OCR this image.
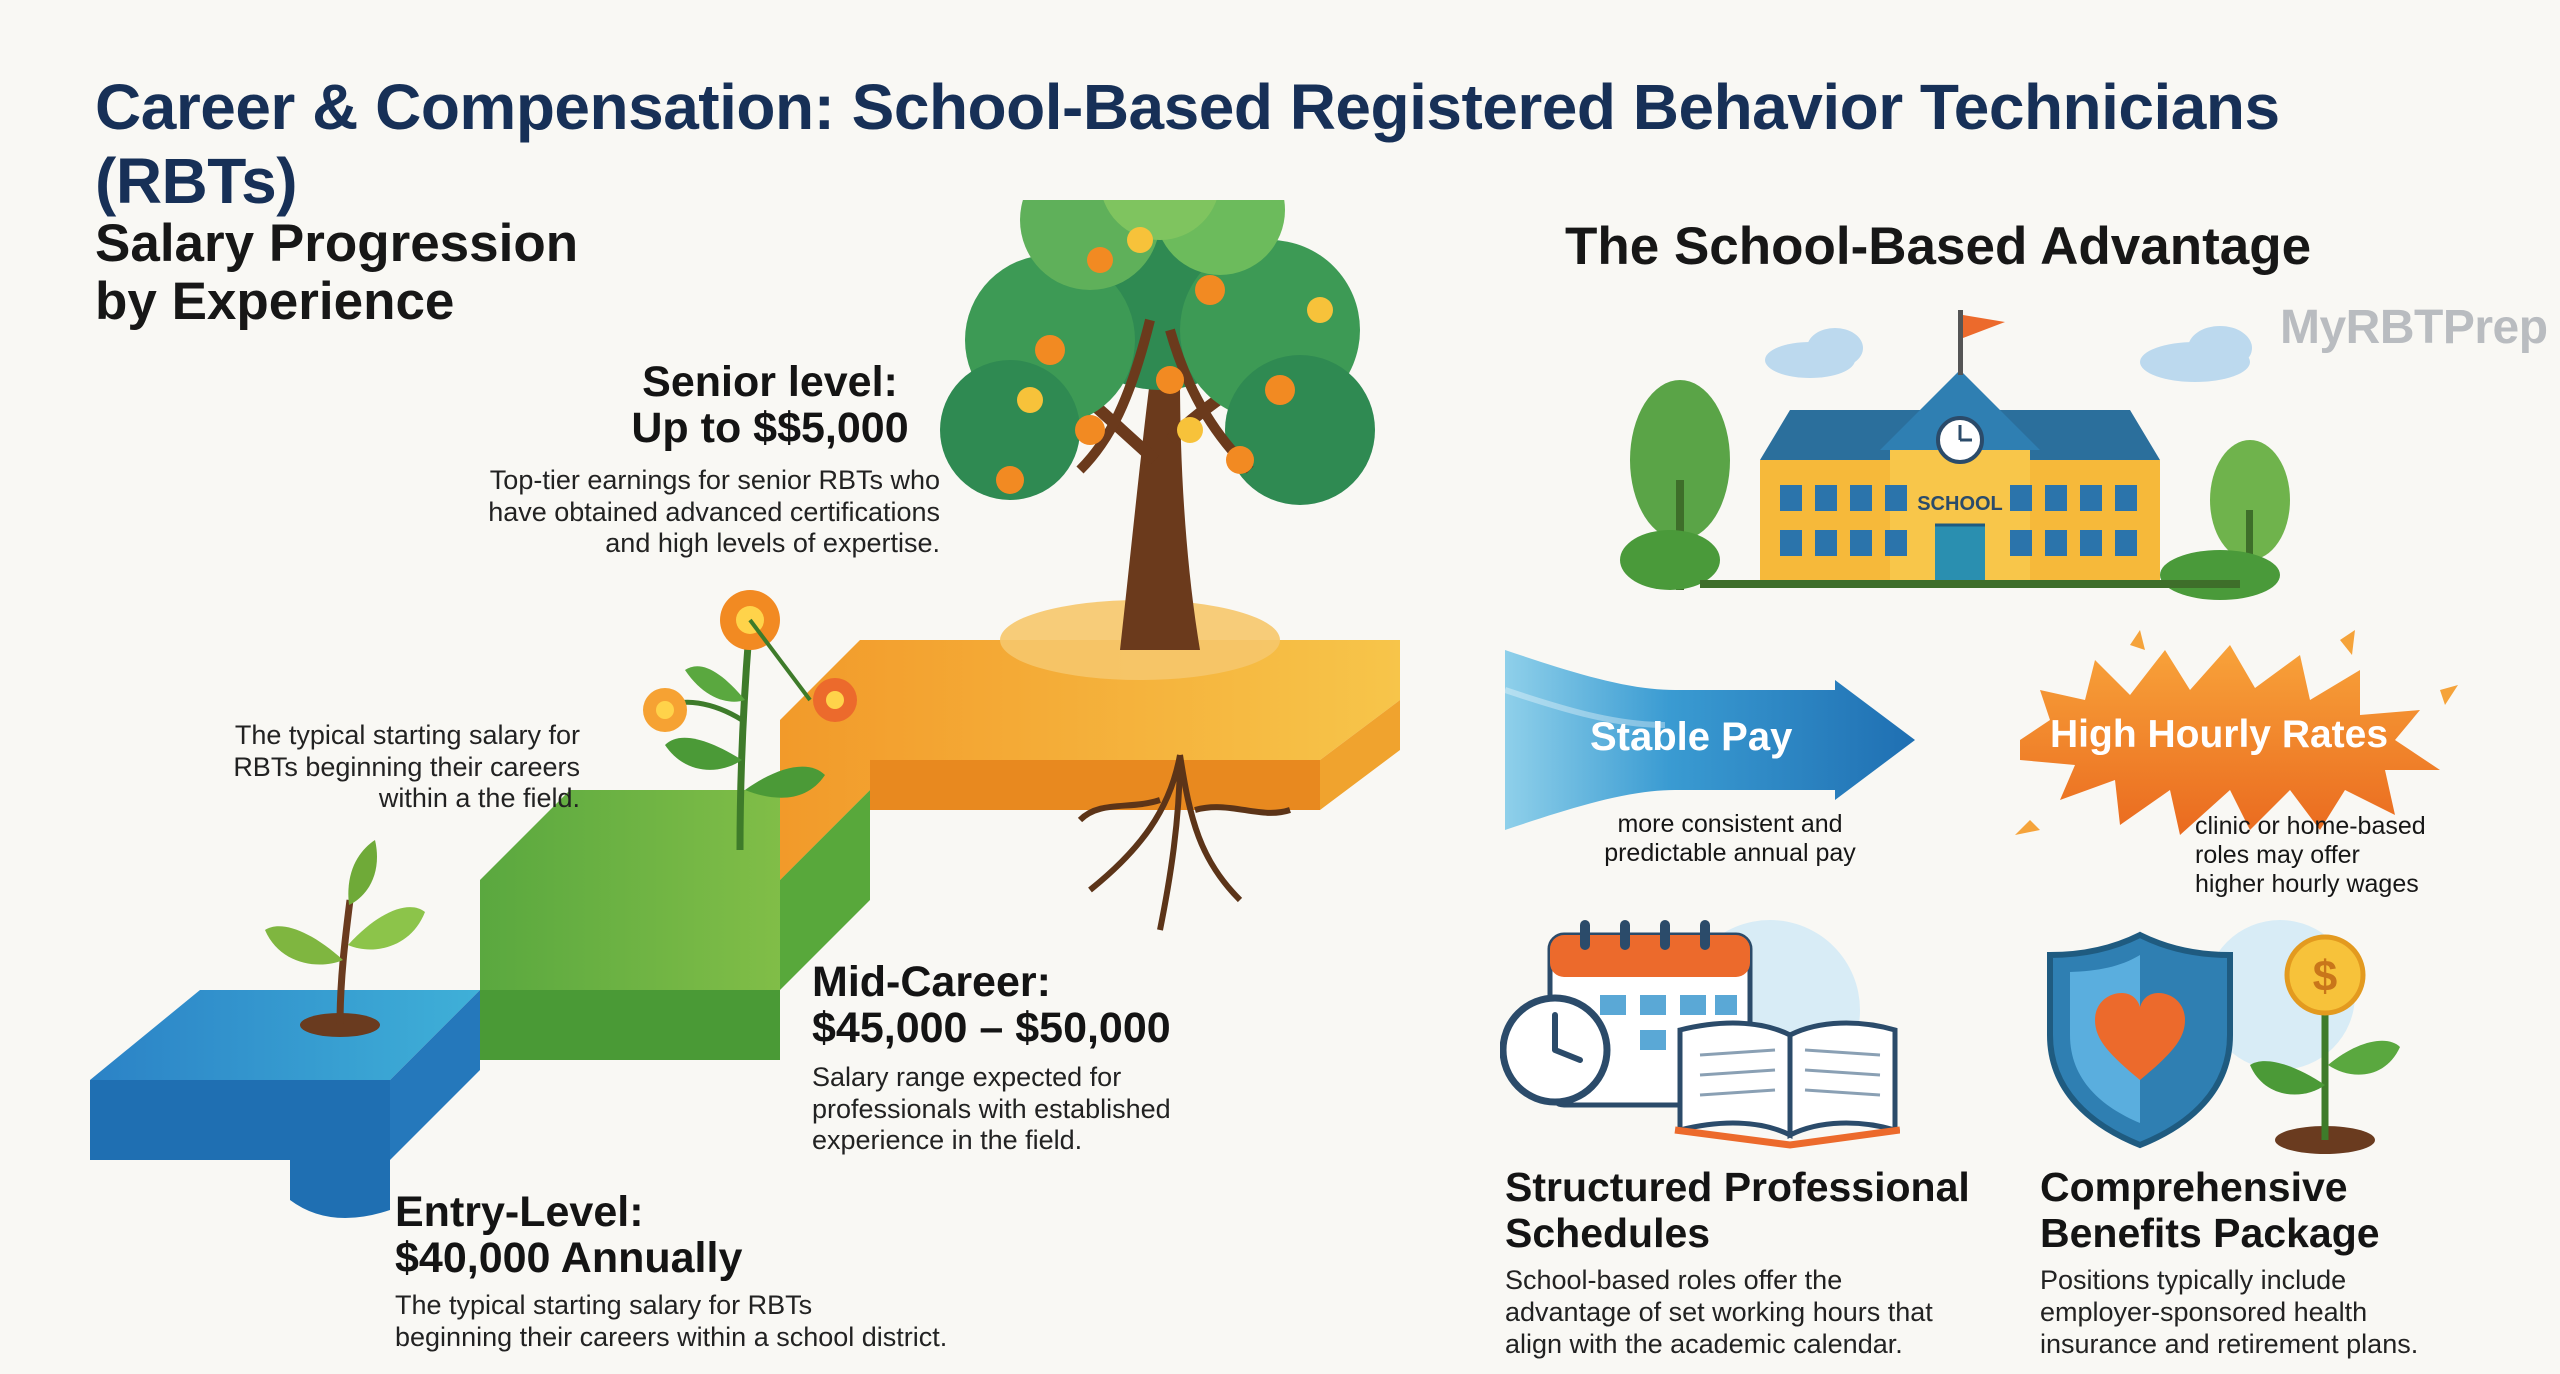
Career & Compensation: School-Based Registered Behavior Technicians (RBTs)
Salary Progression
by Experience
Senior level:
Up to $​$5,000
Top-tier earnings for senior RBTs who
have obtained advanced certifications
and high levels of expertise.
The typical starting salary for
RBTs beginning their careers
within a the field.
Mid-Career:
$45,000 – $50,000
Salary range expected for
professionals with established
experience in the field.
Entry-Level:
$40,000 Annually
The typical starting salary for RBTs
beginning their careers within a school district.
The School-Based Advantage
MyRBTPrep
SCHOOL
Stable Pay
more consistent and
predictable annual pay
High Hourly Rates
clinic or home-based
roles may offer
higher hourly wages
$
Structured Professional
Schedules
School-based roles offer the
advantage of set working hours that
align with the academic calendar.
Comprehensive
Benefits Package
Positions typically include
employer-sponsored health
insurance and retirement plans.
